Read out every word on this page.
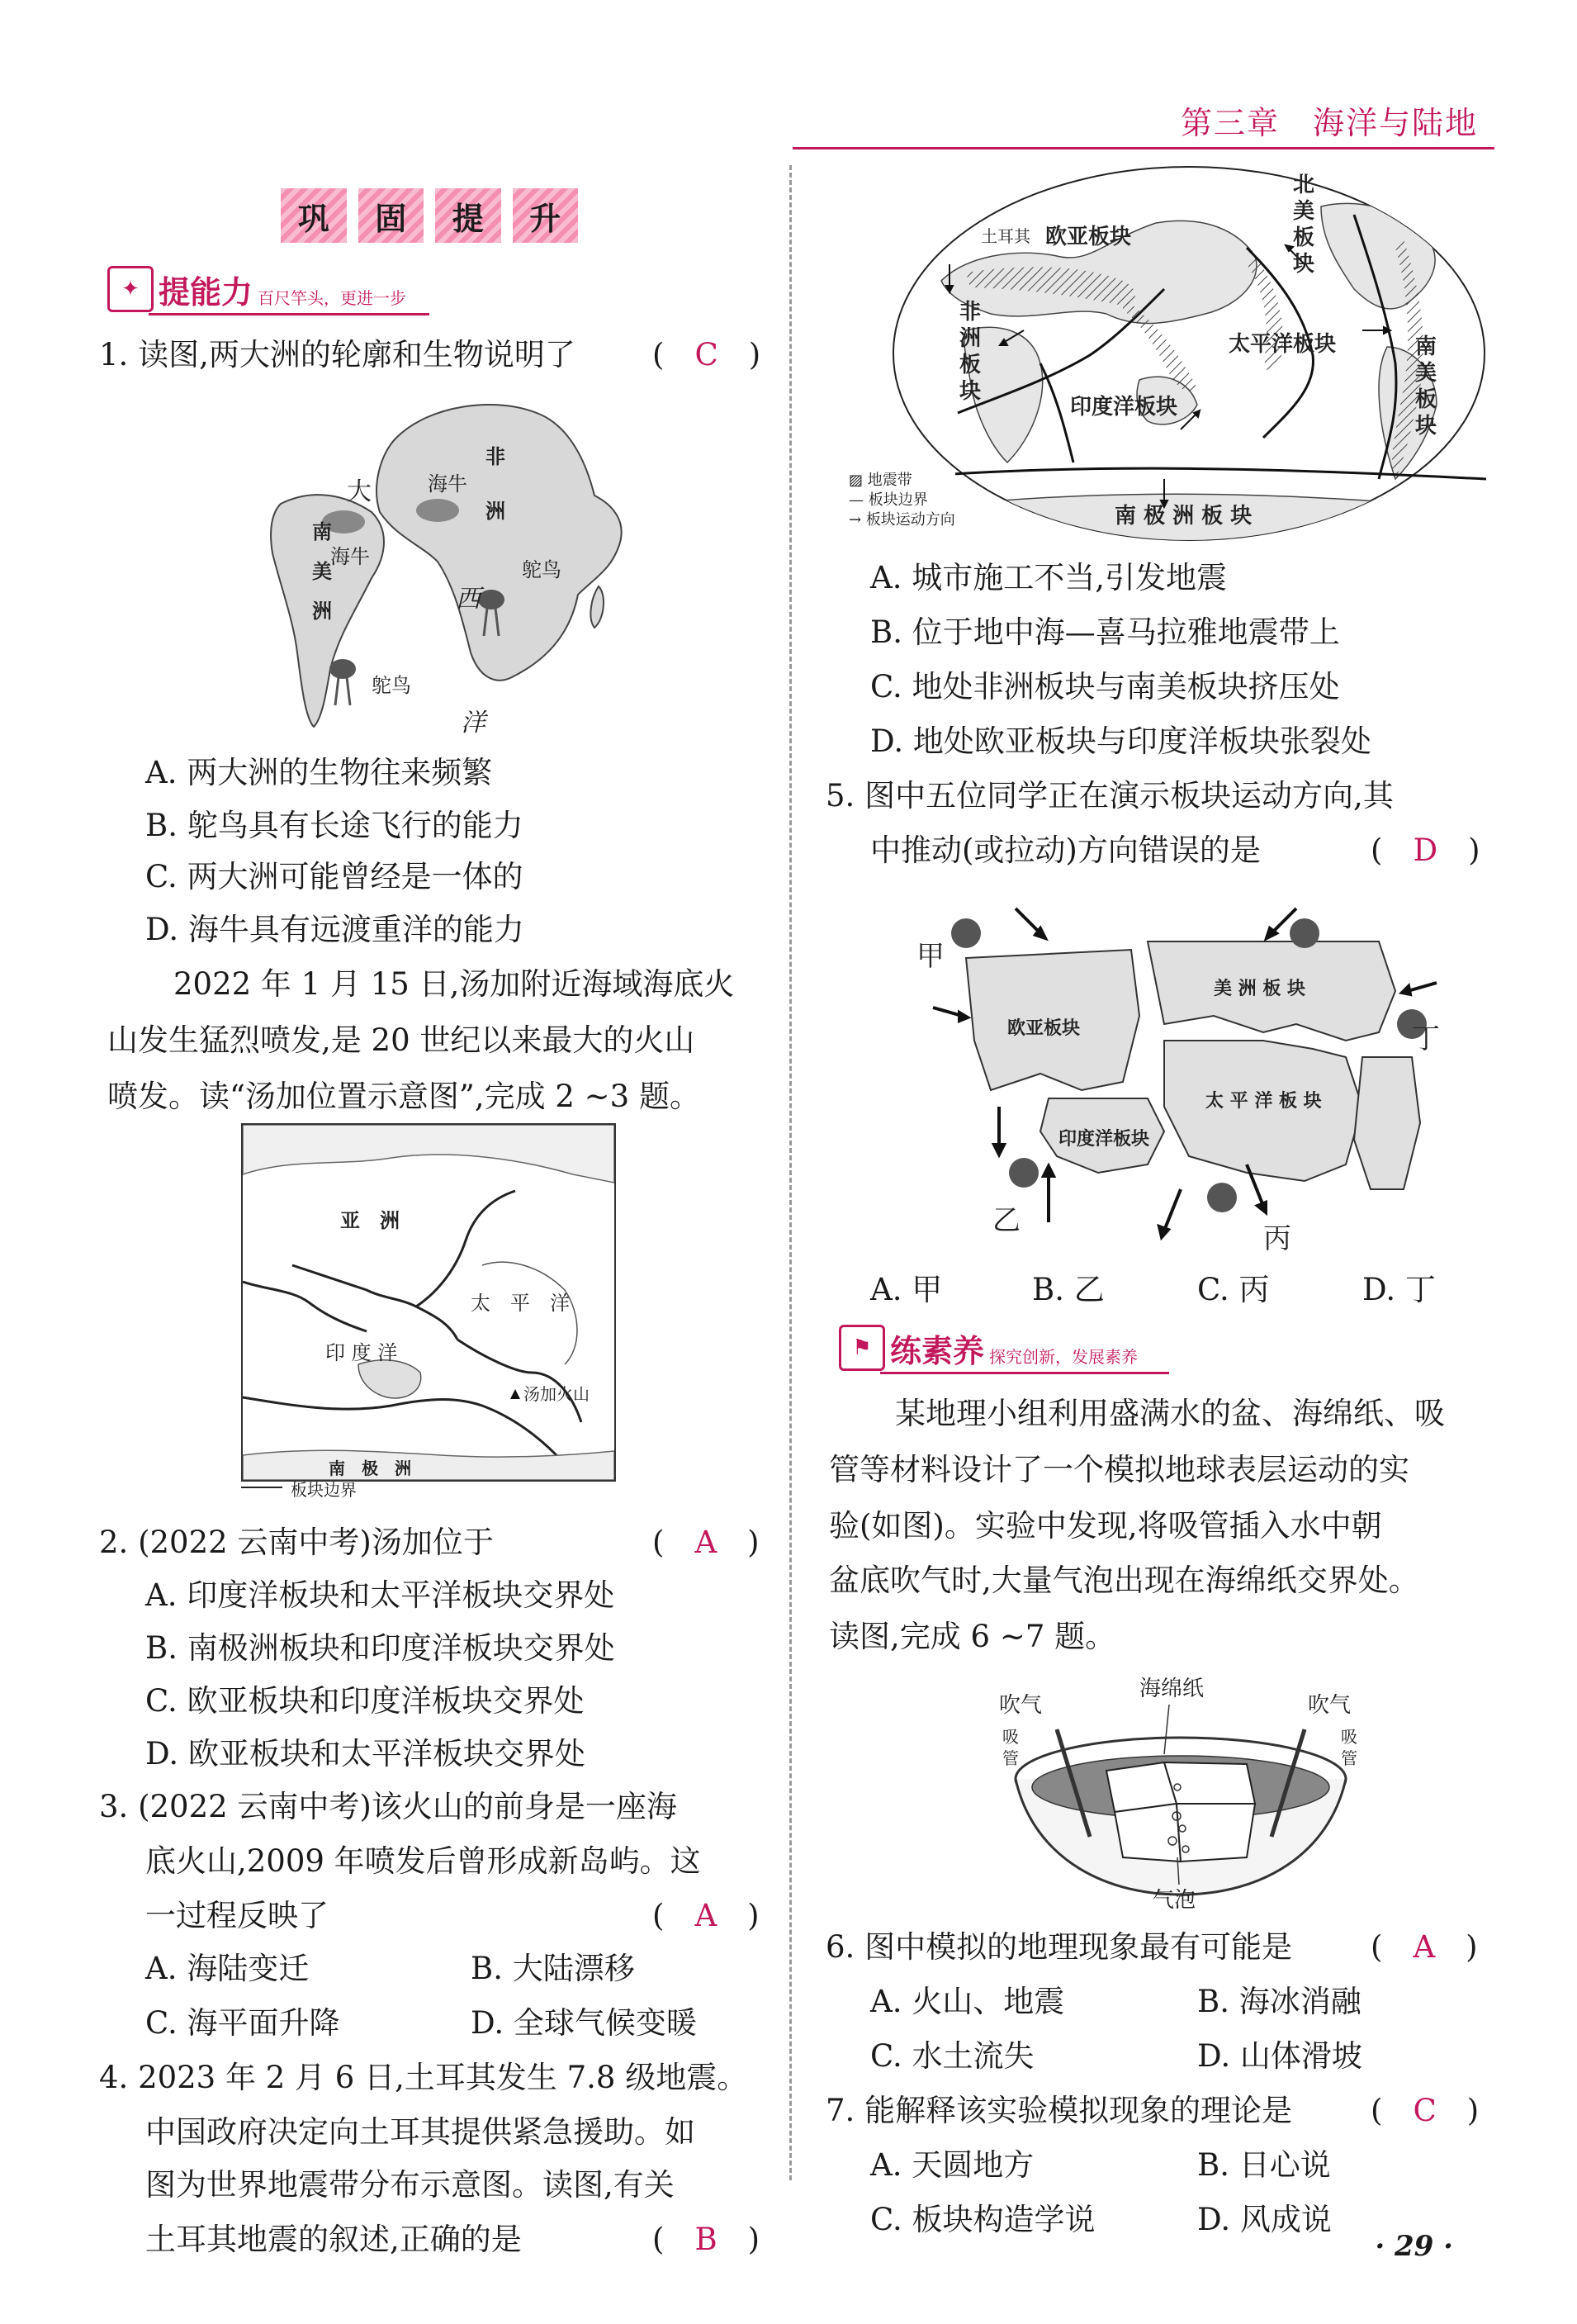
第三章　海洋与陆地
巩	固	提	升
✦ 提能力 百尺竿头，更进一步
1. 读图,两大洲的轮廓和生物说明了	(　C　)
非
洲
南
美
洲
大
西
洋
海牛
海牛
鸵鸟
鸵鸟
A. 两大洲的生物往来频繁
B. 鸵鸟具有长途飞行的能力
C. 两大洲可能曾经是一体的
D. 海牛具有远渡重洋的能力
2022 年 1 月 15 日,汤加附近海域海底火
山发生猛烈喷发,是 20 世纪以来最大的火山
喷发。读“汤加位置示意图”,完成 2 ~3 题。
亚　洲
太　平　洋
印 度 洋
汤加火山
南　极　洲
板块边界
2. (2022 云南中考)汤加位于	(　A　)
A. 印度洋板块和太平洋板块交界处
B. 南极洲板块和印度洋板块交界处
C. 欧亚板块和印度洋板块交界处
D. 欧亚板块和太平洋板块交界处
3. (2022 云南中考)该火山的前身是一座海
底火山,2009 年喷发后曾形成新岛屿。这
一过程反映了	(　A　)
A. 海陆变迁	B. 大陆漂移
C. 海平面升降	D. 全球气候变暖
4. 2023 年 2 月 6 日,土耳其发生 7.8 级地震。
中国政府决定向土耳其提供紧急援助。如
图为世界地震带分布示意图。读图,有关
土耳其地震的叙述,正确的是	(　B　)
土耳其 欧亚板块
北
美
板
块
非
洲
板
块
太平洋板块
印度洋板块
南
美
板
块
南 极 洲 板 块
▨ 地震带
— 板块边界
→ 板块运动方向
A. 城市施工不当,引发地震
B. 位于地中海—喜马拉雅地震带上
C. 地处非洲板块与南美板块挤压处
D. 地处欧亚板块与印度洋板块张裂处
5. 图中五位同学正在演示板块运动方向,其
中推动(或拉动)方向错误的是	(　D　)
甲
乙
丙
丁
欧亚板块
美 洲 板 块
太 平 洋 板 块
印度洋板块
A. 甲	B. 乙	C. 丙	D. 丁
⚑ 练素养 探究创新，发展素养
某地理小组利用盛满水的盆、海绵纸、吸
管等材料设计了一个模拟地球表层运动的实
验(如图)。实验中发现,将吸管插入水中朝
盆底吹气时,大量气泡出现在海绵纸交界处。
读图,完成 6 ~7 题。
海绵纸
吹气	吹气
吸
管
吸
管
气泡
6. 图中模拟的地理现象最有可能是	(　A　)
A. 火山、地震	B. 海冰消融
C. 水土流失	D. 山体滑坡
7. 能解释该实验模拟现象的理论是	(　C　)
A. 天圆地方	B. 日心说
C. 板块构造学说	D. 风成说
· 29 ·
